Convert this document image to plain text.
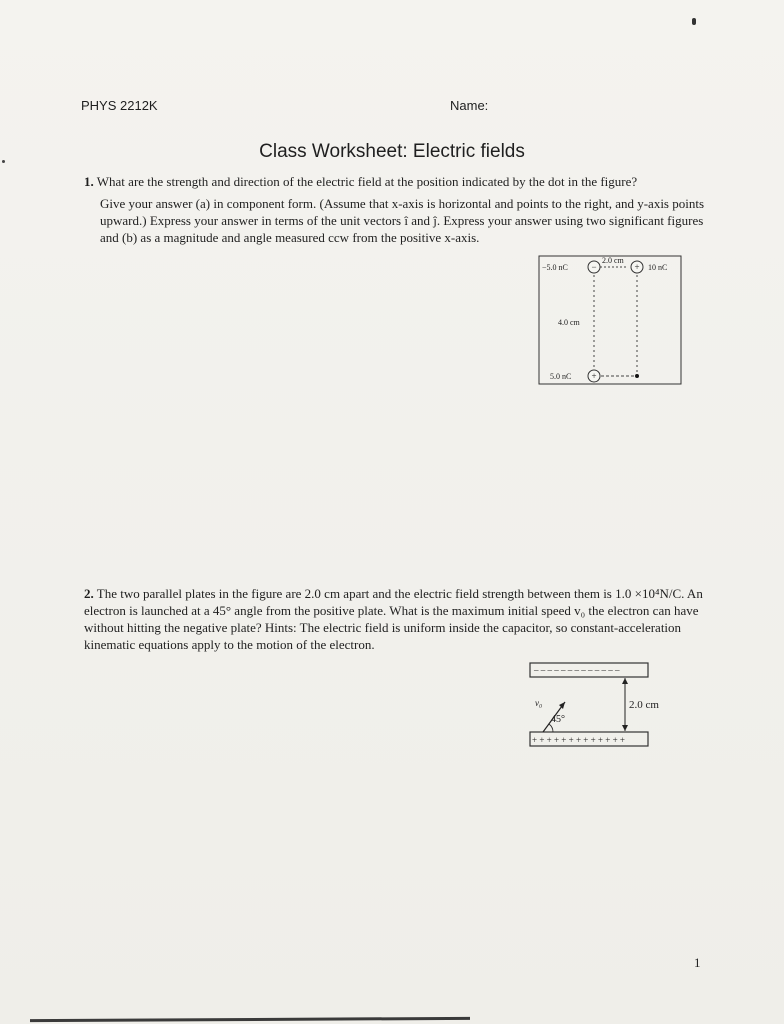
PHYS 2212K	Name:
Class Worksheet: Electric fields
1. What are the strength and direction of the electric field at the position indicated by the dot in the figure?
Give your answer (a) in component form. (Assume that x-axis is horizontal and points to the right, and y-axis points upward.) Express your answer in terms of the unit vectors î and ĵ. Express your answer using two significant figures and (b) as a magnitude and angle measured ccw from the positive x-axis.
−	+
+
−5.0 nC	10 nC
5.0 nC
2.0 cm
4.0 cm
2. The two parallel plates in the figure are 2.0 cm apart and the electric field strength between them is 1.0 ×10⁴N/C. An electron is launched at a 45° angle from the positive plate. What is the maximum initial speed v₀ the electron can have without hitting the negative plate? Hints: The electric field is uniform inside the capacitor, so constant-acceleration kinematic equations apply to the motion of the electron.
– – – – – – – – – – – – –
+ + + + + + + + + + + + +
v₀
45°
2.0 cm
1
